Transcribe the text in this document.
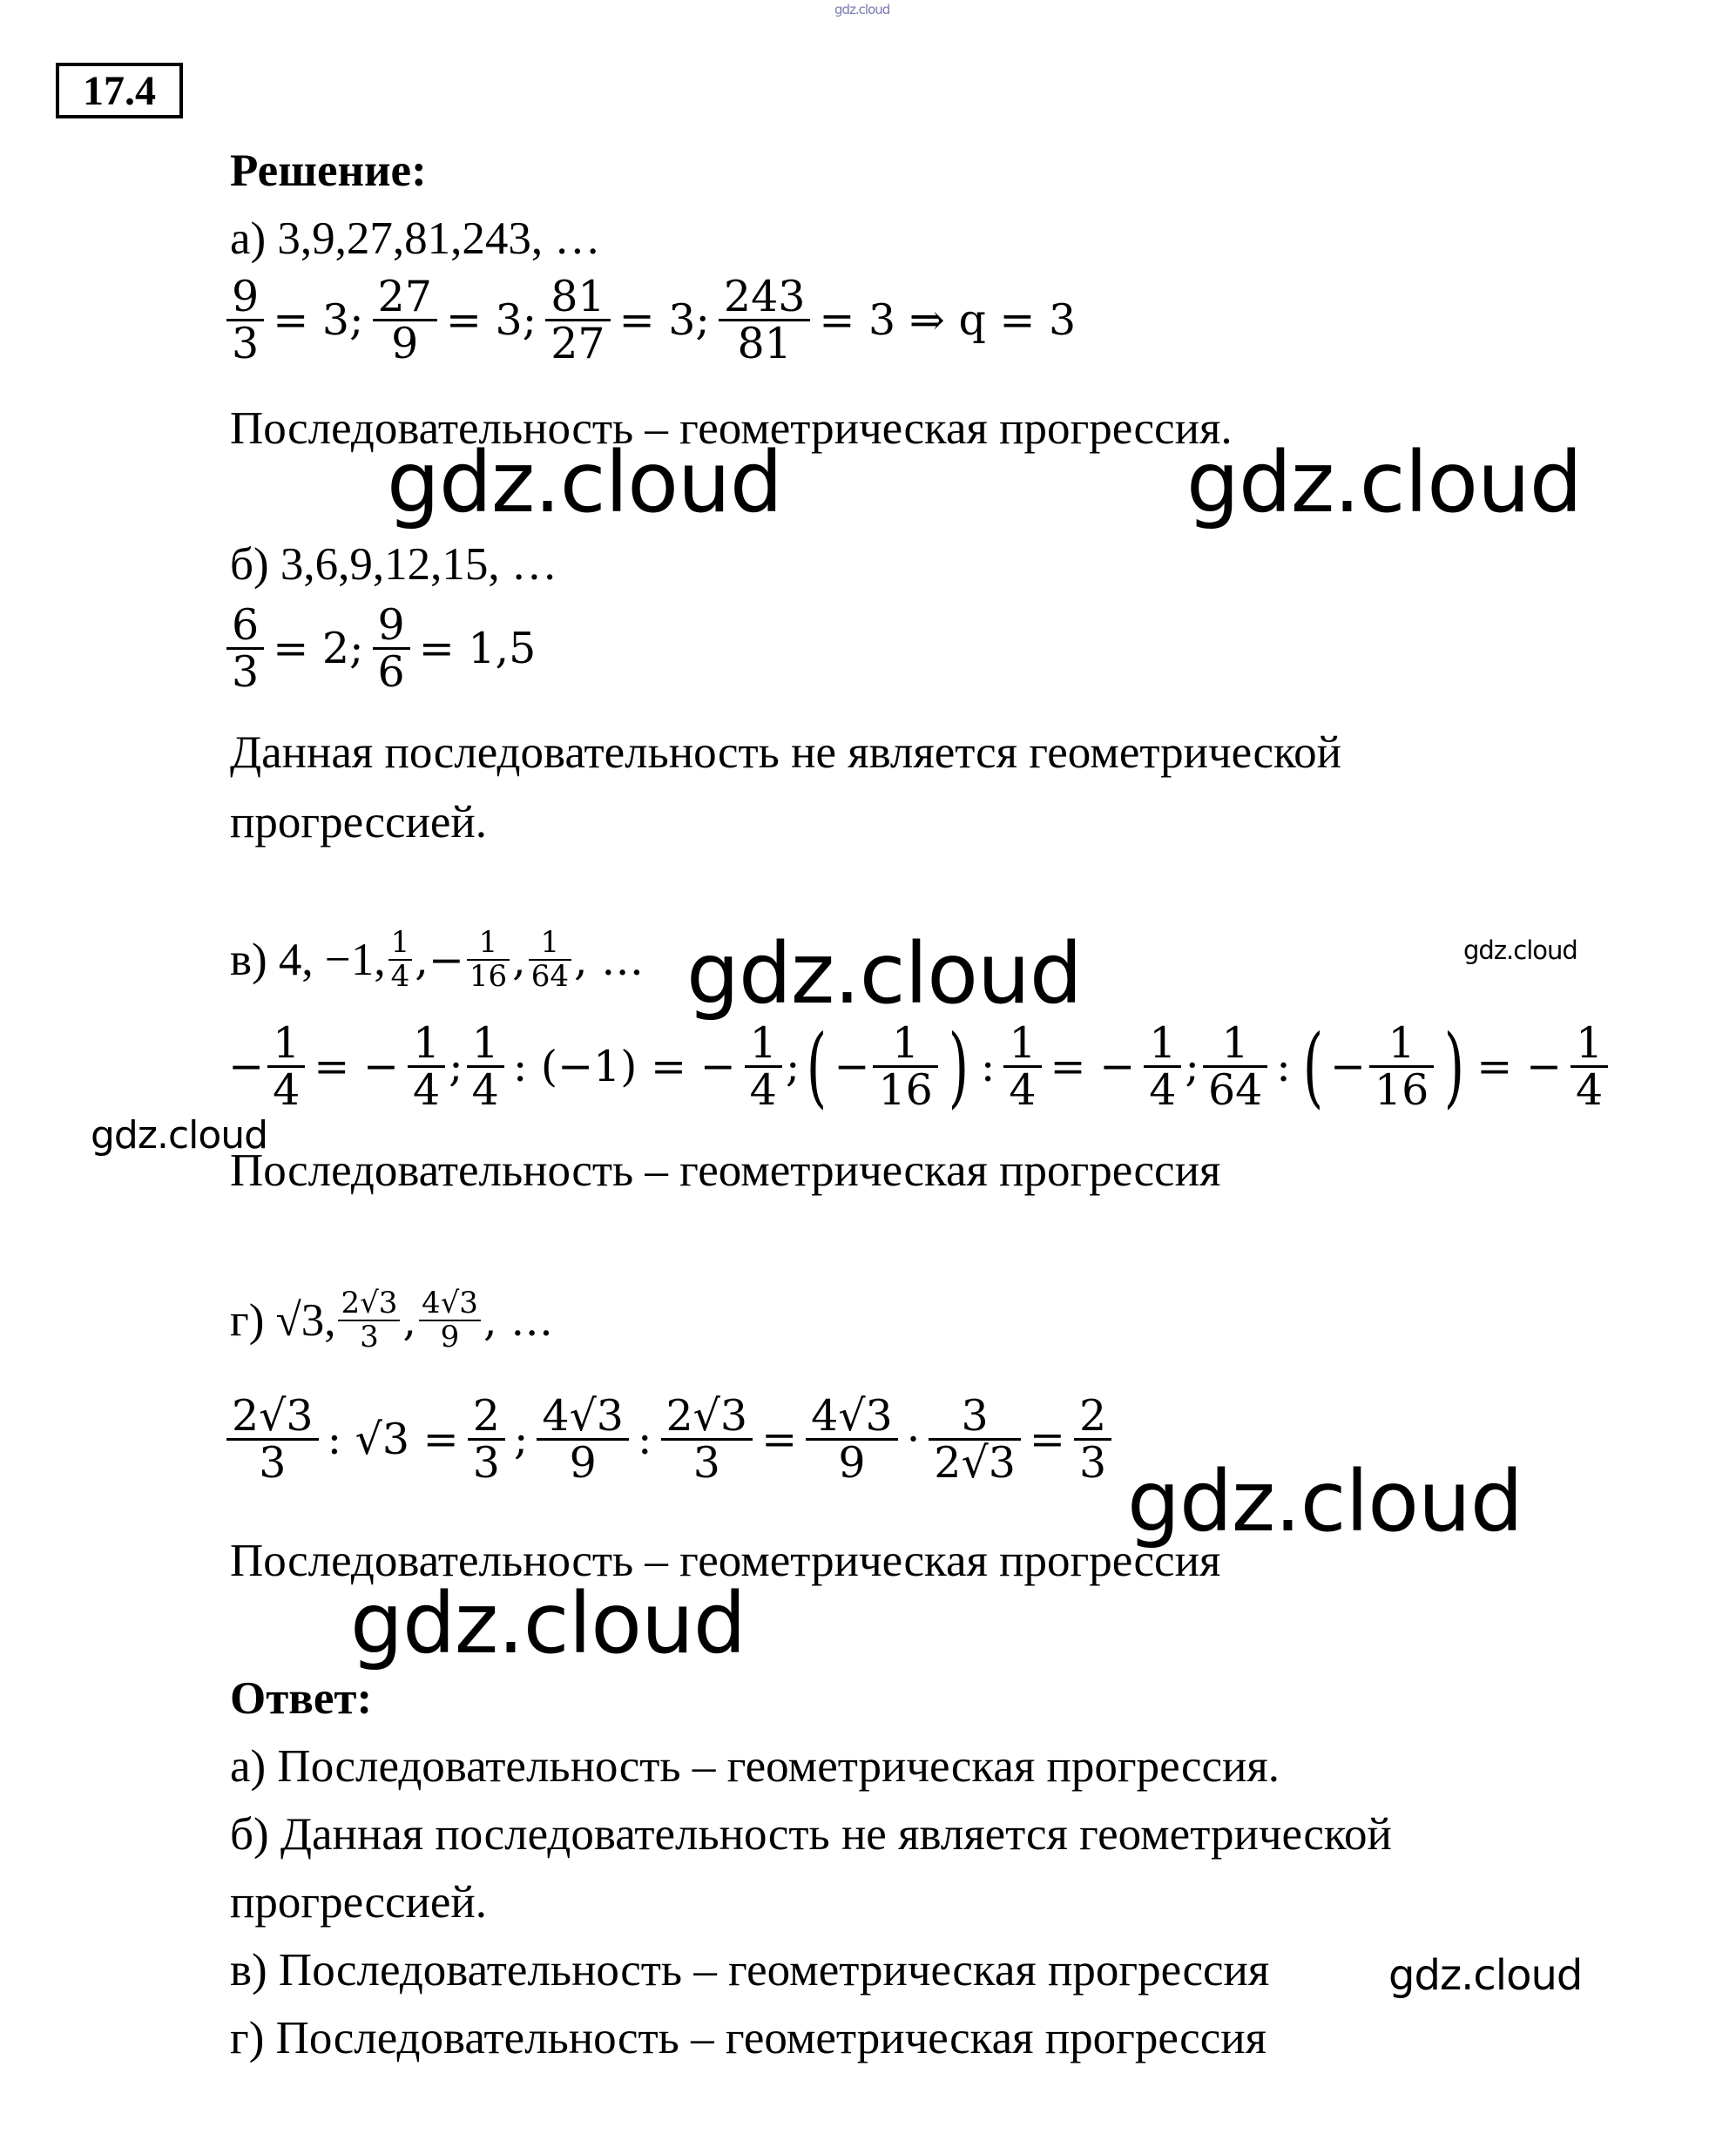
gdz.cloud
17.4
Решение:
а) 3,9,27,81,243, …
9
3 = 3; 27
9 = 3; 81
27 = 3; 243
81 = 3 ⇒ q = 3
Последовательность – геометрическая прогрессия.
gdz.cloud	gdz.cloud
б) 3,6,9,12,15, …
6
3 = 2; 9
6 = 1,5
Данная последовательность не является геометрической
прогрессией.
в) 4, −1, 1
4 , − 1
16 , 1
64 , … gdz.cloud	gdz.cloud
− 1
4 = − 1
4 ; 1
4 : (−1) = − 1
4 ; ( − 1
16 ) : 1
4 = − 1
4 ; 1
64 : ( − 1
16 ) = − 1
4
gdz.cloud
Последовательность – геометрическая прогрессия
г) √3, 2√3
3 , 4√3
9 , …
2√3
3 : √3 = 2
3 ; 4√3
9 : 2√3
3 = 4√3
9 · 3
2√3 = 2
3 gdz.cloud
Последовательность – геометрическая прогрессия
gdz.cloud
Ответ:
а) Последовательность – геометрическая прогрессия.
б) Данная последовательность не является геометрической
прогрессией.
в) Последовательность – геометрическая прогрессия
г) Последовательность – геометрическая прогрессия
gdz.cloud
